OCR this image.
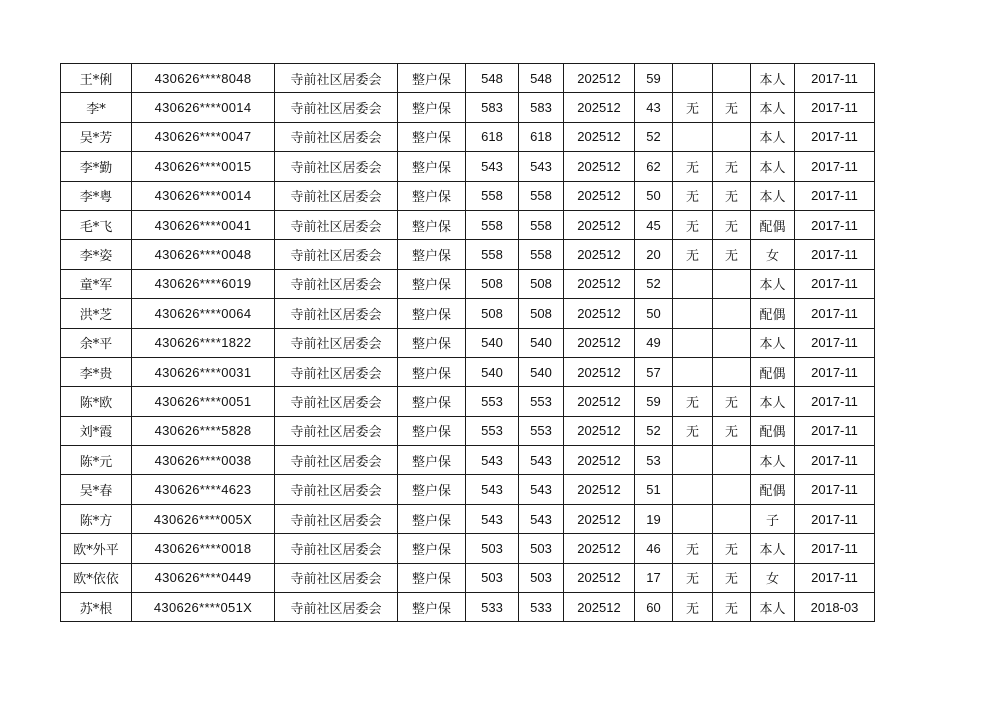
王*俐	430626****8048	寺前社区居委会	整户保	548	548	202512	59			本人	2017-11
李*	430626****0014	寺前社区居委会	整户保	583	583	202512	43	无	无	本人	2017-11
吴*芳	430626****0047	寺前社区居委会	整户保	618	618	202512	52			本人	2017-11
李*勤	430626****0015	寺前社区居委会	整户保	543	543	202512	62	无	无	本人	2017-11
李*粤	430626****0014	寺前社区居委会	整户保	558	558	202512	50	无	无	本人	2017-11
毛*飞	430626****0041	寺前社区居委会	整户保	558	558	202512	45	无	无	配偶	2017-11
李*姿	430626****0048	寺前社区居委会	整户保	558	558	202512	20	无	无	女	2017-11
童*军	430626****6019	寺前社区居委会	整户保	508	508	202512	52			本人	2017-11
洪*芝	430626****0064	寺前社区居委会	整户保	508	508	202512	50			配偶	2017-11
余*平	430626****1822	寺前社区居委会	整户保	540	540	202512	49			本人	2017-11
李*贵	430626****0031	寺前社区居委会	整户保	540	540	202512	57			配偶	2017-11
陈*欧	430626****0051	寺前社区居委会	整户保	553	553	202512	59	无	无	本人	2017-11
刘*霞	430626****5828	寺前社区居委会	整户保	553	553	202512	52	无	无	配偶	2017-11
陈*元	430626****0038	寺前社区居委会	整户保	543	543	202512	53			本人	2017-11
吴*春	430626****4623	寺前社区居委会	整户保	543	543	202512	51			配偶	2017-11
陈*方	430626****005X	寺前社区居委会	整户保	543	543	202512	19			子	2017-11
欧*外平	430626****0018	寺前社区居委会	整户保	503	503	202512	46	无	无	本人	2017-11
欧*依依	430626****0449	寺前社区居委会	整户保	503	503	202512	17	无	无	女	2017-11
苏*根	430626****051X	寺前社区居委会	整户保	533	533	202512	60	无	无	本人	2018-03
